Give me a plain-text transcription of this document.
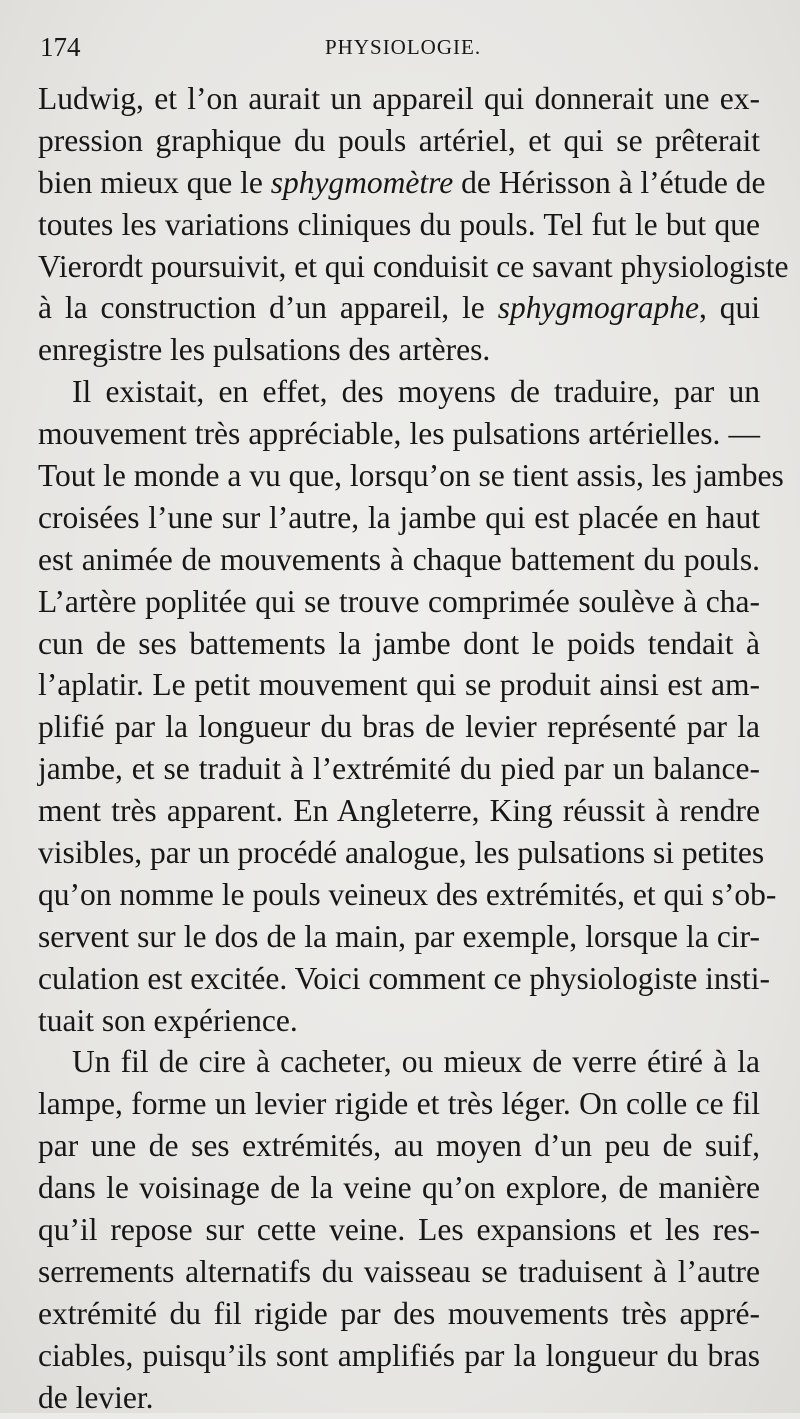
174	PHYSIOLOGIE.

Ludwig, et l’on aurait un appareil qui donnerait une ex-
pression graphique du pouls artériel, et qui se prêterait
bien mieux que le sphygmomètre de Hérisson à l’étude de
toutes les variations cliniques du pouls. Tel fut le but que
Vierordt poursuivit, et qui conduisit ce savant physiologiste
à la construction d’un appareil, le sphygmographe, qui
enregistre les pulsations des artères.

Il existait, en effet, des moyens de traduire, par un
mouvement très appréciable, les pulsations artérielles. —
Tout le monde a vu que, lorsqu’on se tient assis, les jambes
croisées l’une sur l’autre, la jambe qui est placée en haut
est animée de mouvements à chaque battement du pouls.
L’artère poplitée qui se trouve comprimée soulève à cha-
cun de ses battements la jambe dont le poids tendait à
l’aplatir. Le petit mouvement qui se produit ainsi est am-
plifié par la longueur du bras de levier représenté par la
jambe, et se traduit à l’extrémité du pied par un balance-
ment très apparent. En Angleterre, King réussit à rendre
visibles, par un procédé analogue, les pulsations si petites
qu’on nomme le pouls veineux des extrémités, et qui s’ob-
servent sur le dos de la main, par exemple, lorsque la cir-
culation est excitée. Voici comment ce physiologiste insti-
tuait son expérience.

Un fil de cire à cacheter, ou mieux de verre étiré à la
lampe, forme un levier rigide et très léger. On colle ce fil
par une de ses extrémités, au moyen d’un peu de suif,
dans le voisinage de la veine qu’on explore, de manière
qu’il repose sur cette veine. Les expansions et les res-
serrements alternatifs du vaisseau se traduisent à l’autre
extrémité du fil rigide par des mouvements très appré-
ciables, puisqu’ils sont amplifiés par la longueur du bras
de levier.
